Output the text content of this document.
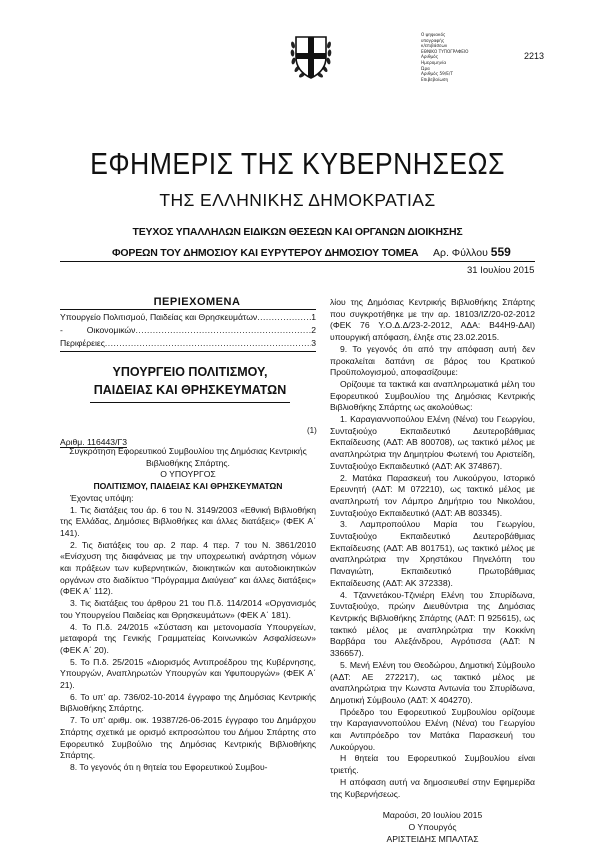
Ο ψηφιακός
υπογραφής
κ/επιβάσεων
ΕΘΝΙΚΟ ΤΥΠΟΓΡΑΦΕΙΟ
Αριθμός
Ημερομηνία
Ώρα
Αριθμός 59/Ε/Τ
Επιβεβαίωση
2213
ΕΦΗΜΕΡΙΣ ΤΗΣ ΚΥΒΕΡΝΗΣΕΩΣ
ΤΗΣ ΕΛΛΗΝΙΚΗΣ ΔΗΜΟΚΡΑΤΙΑΣ
ΤΕΥΧΟΣ ΥΠΑΛΛΗΛΩΝ ΕΙΔΙΚΩΝ ΘΕΣΕΩΝ ΚΑΙ ΟΡΓΑΝΩΝ ΔΙΟΙΚΗΣΗΣ
ΦΟΡΕΩΝ ΤΟΥ ΔΗΜΟΣΙΟΥ ΚΑΙ ΕΥΡΥΤΕΡΟΥ ΔΗΜΟΣΙΟΥ ΤΟΜΕΑ Αρ. Φύλλου 559
31 Ιουλίου 2015
ΠΕΡΙΕΧΟΜΕΝΑ
Υπουργείο Πολιτισμού, Παιδείας και Θρησκευμάτων .....	1
-          Οικονομικών .....	2
Περιφέρειες .....	3
ΥΠΟΥΡΓΕΙΟ ΠΟΛΙΤΙΣΜΟΥ,
ΠΑΙΔΕΙΑΣ ΚΑΙ ΘΡΗΣΚΕΥΜΑΤΩΝ
(1)
Αριθμ. 116443/Γ3

Συγκρότηση Εφορευτικού Συμβουλίου της Δημόσιας Κεντρικής Βιβλιοθήκης Σπάρτης.

Ο ΥΠΟΥΡΓΟΣ

ΠΟΛΙΤΙΣΜΟΥ, ΠΑΙΔΕΙΑΣ ΚΑΙ ΘΡΗΣΚΕΥΜΑΤΩΝ

Έχοντας υπόψη:

1. Τις διατάξεις του άρ. 6 του Ν. 3149/2003 «Εθνική Βιβλιοθήκη της Ελλάδας, Δημόσιες Βιβλιοθήκες και άλλες διατάξεις» (ΦΕΚ Α΄ 141).

2. Τις διατάξεις του αρ. 2 παρ. 4 περ. 7 του Ν. 3861/2010 «Ενίσχυση της διαφάνειας με την υποχρεωτική ανάρτηση νόμων και πράξεων των κυβερνητικών, διοικητικών και αυτοδιοικητικών οργάνων στο διαδίκτυο “Πρόγραμμα Διαύγεια” και άλλες διατάξεις» (ΦΕΚ Α΄ 112).

3. Τις διατάξεις του άρθρου 21 του Π.δ. 114/2014 «Οργανισμός του Υπουργείου Παιδείας και Θρησκευμάτων» (ΦΕΚ Α΄ 181).

4. Το Π.δ. 24/2015 «Σύσταση και μετονομασία Υπουργείων, μεταφορά της Γενικής Γραμματείας Κοινωνικών Ασφαλίσεων» (ΦΕΚ Α΄ 20).

5. Το Π.δ. 25/2015 «Διορισμός Αντιπροέδρου της Κυβέρνησης, Υπουργών, Αναπληρωτών Υπουργών και Υφυπουργών» (ΦΕΚ Α΄ 21).

6. Το υπ’ αρ. 736/02-10-2014 έγγραφο της Δημόσιας Κεντρικής Βιβλιοθήκης Σπάρτης.

7. Το υπ’ αριθμ. οικ. 19387/26-06-2015 έγγραφο του Δημάρχου Σπάρτης σχετικά με ορισμό εκπροσώπου του Δήμου Σπάρτης στο Εφορευτικό Συμβούλιο της Δημόσιας Κεντρικής Βιβλιοθήκης Σπάρτης.

8. Το γεγονός ότι η θητεία του Εφορευτικού Συμβου-

λίου της Δημόσιας Κεντρικής Βιβλιοθήκης Σπάρτης που συγκροτήθηκε με την αρ. 18103/ΙΖ/20-02-2012 (ΦΕΚ 76 Υ.Ο.Δ.Δ/23-2-2012, ΑΔΑ: Β44Η9-ΔΑΙ) υπουργική απόφαση, έληξε στις 23.02.2015.

9. Το γεγονός ότι από την απόφαση αυτή δεν προκαλείται δαπάνη σε βάρος του Κρατικού Προϋπολογισμού, αποφασίζουμε:

Ορίζουμε τα τακτικά και αναπληρωματικά μέλη του Εφορευτικού Συμβουλίου της Δημόσιας Κεντρικής Βιβλιοθήκης Σπάρτης ως ακολούθως:

1. Καραγιαννοπούλου Ελένη (Νένα) του Γεωργίου, Συνταξιούχο Εκπαιδευτικό Δευτεροβάθμιας Εκπαίδευσης (ΑΔΤ: ΑΒ 800708), ως τακτικό μέλος με αναπληρώτρια την Δημητρίου Φωτεινή του Αριστείδη, Συνταξιούχο Εκπαιδευτικό (ΑΔΤ: ΑΚ 374867).

2. Ματάκα Παρασκευή του Λυκούργου, Ιστορικό Ερευνητή (ΑΔΤ: Μ 072210), ως τακτικό μέλος με αναπληρωτή τον Λάμπρο Δημήτριο του Νικολάου, Συνταξιούχο Εκπαιδευτικό (ΑΔΤ: ΑΒ 803345).

3. Λαμπροπούλου Μαρία του Γεωργίου, Συνταξιούχο Εκπαιδευτικό Δευτεροβάθμιας Εκπαίδευσης (ΑΔΤ: ΑΒ 801751), ως τακτικό μέλος με αναπληρώτρια την Χρηστάκου Πηνελόπη του Παναγιώτη, Εκπαιδευτικό Πρωτοβάθμιας Εκπαίδευσης (ΑΔΤ: ΑΚ 372338).

4. Τζαννετάκου-Τζινιέρη Ελένη του Σπυρίδωνα, Συνταξιούχο, πρώην Διευθύντρια της Δημόσιας Κεντρικής Βιβλιοθήκης Σπάρτης (ΑΔΤ: Π 925615), ως τακτικό μέλος με αναπληρώτρια την Κοκκίνη Βαρβάρα του Αλεξάνδρου, Αγρότισσα (ΑΔΤ: Ν 336657).

5. Μενή Ελένη του Θεοδώρου, Δημοτική Σύμβουλο (ΑΔΤ: ΑΕ 272217), ως τακτικό μέλος με αναπληρώτρια την Κωνστα Αντωνία του Σπυρίδωνα, Δημοτική Σύμβουλο (ΑΔΤ: Χ 404270).

Πρόεδρο του Εφορευτικού Συμβουλίου ορίζουμε την Καραγιαννοπούλου Ελένη (Νένα) του Γεωργίου και Αντιπρόεδρο τον Ματάκα Παρασκευή του Λυκούργου.

Η θητεία του Εφορευτικού Συμβουλίου είναι τριετής.

Η απόφαση αυτή να δημοσιευθεί στην Εφημερίδα της Κυβερνήσεως.

Μαρούσι, 20 Ιουλίου 2015

Ο Υπουργός

ΑΡΙΣΤΕΙΔΗΣ ΜΠΑΛΤΑΣ
